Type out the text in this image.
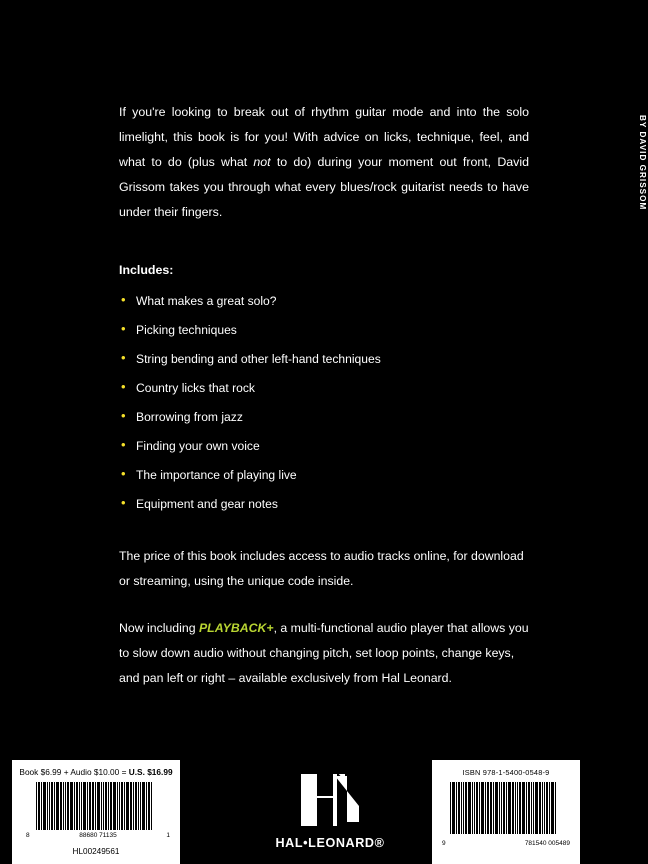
BY DAVID GRISSOM

If you're looking to break out of rhythm guitar mode and into the solo limelight, this book is for you! With advice on licks, technique, feel, and what to do (plus what not to do) during your moment out front, David Grissom takes you through what every blues/rock guitarist needs to have under their fingers.

Includes:
• What makes a great solo?
• Picking techniques
• String bending and other left-hand techniques
• Country licks that rock
• Borrowing from jazz
• Finding your own voice
• The importance of playing live
• Equipment and gear notes

The price of this book includes access to audio tracks online, for download or streaming, using the unique code inside.

Now including PLAYBACK+, a multi-functional audio player that allows you to slow down audio without changing pitch, set loop points, change keys, and pan left or right – available exclusively from Hal Leonard.

Book $6.99 + Audio $10.00 = U.S. $16.99
8	88680 71135	1
HL00249561
ISBN 978-1-5400-0548-9
9	781540 005489
HAL•LEONARD®
